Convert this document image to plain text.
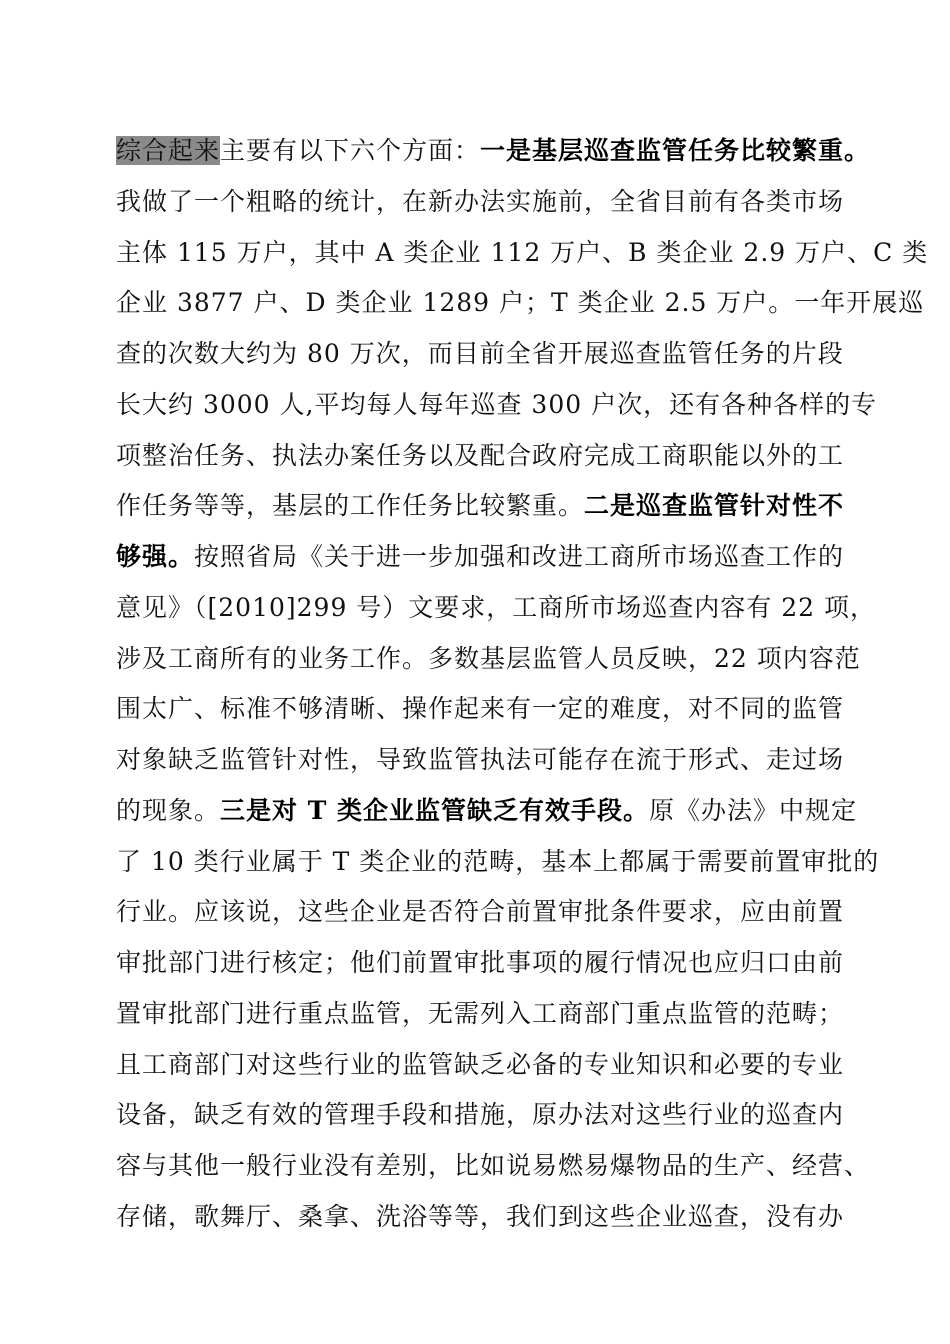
综合起来主要有以下六个方面：一是基层巡查监管任务比较繁重。
我做了一个粗略的统计，在新办法实施前，全省目前有各类市场
主体 115 万户，其中 A 类企业 112 万户、B 类企业 2.9 万户、C 类
企业 3877 户、D 类企业 1289 户；T 类企业 2.5 万户。一年开展巡
查的次数大约为 80 万次，而目前全省开展巡查监管任务的片段
长大约 3000 人,平均每人每年巡查 300 户次，还有各种各样的专
项整治任务、执法办案任务以及配合政府完成工商职能以外的工
作任务等等，基层的工作任务比较繁重。二是巡查监管针对性不
够强。按照省局《关于进一步加强和改进工商所市场巡查工作的
意见》（[2010]299 号）文要求，工商所市场巡查内容有 22 项，
涉及工商所有的业务工作。多数基层监管人员反映，22 项内容范
围太广、标准不够清晰、操作起来有一定的难度，对不同的监管
对象缺乏监管针对性，导致监管执法可能存在流于形式、走过场
的现象。三是对 T 类企业监管缺乏有效手段。原《办法》中规定
了 10 类行业属于 T 类企业的范畴，基本上都属于需要前置审批的
行业。应该说，这些企业是否符合前置审批条件要求，应由前置
审批部门进行核定；他们前置审批事项的履行情况也应归口由前
置审批部门进行重点监管，无需列入工商部门重点监管的范畴；
且工商部门对这些行业的监管缺乏必备的专业知识和必要的专业
设备，缺乏有效的管理手段和措施，原办法对这些行业的巡查内
容与其他一般行业没有差别，比如说易燃易爆物品的生产、经营、
存储，歌舞厅、桑拿、洗浴等等，我们到这些企业巡查，没有办
